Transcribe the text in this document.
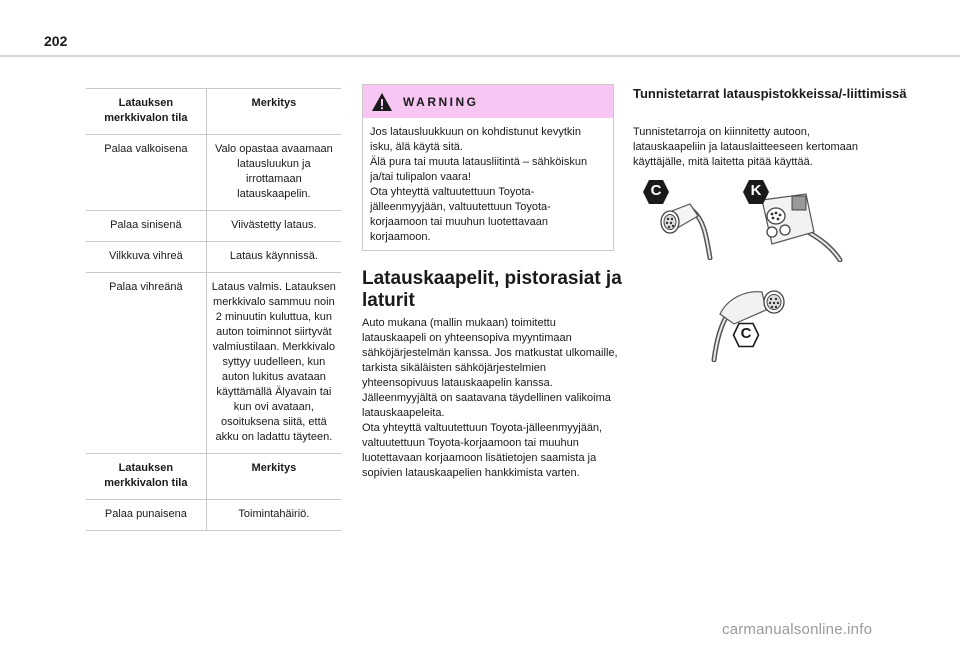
202
Latauksen merkkivalon tila	Merkitys
Palaa valkoisena	Valo opastaa avaamaan latausluukun ja irrottamaan latauskaapelin.
Palaa sinisenä	Viivästetty lataus.
Vilkkuva vihreä	Lataus käynnissä.
Palaa vihreänä	Lataus valmis. Latauksen merkkivalo sammuu noin 2 minuutin kuluttua, kun auton toiminnot siirtyvät valmiustilaan. Merkkivalo syttyy uudelleen, kun auton lukitus avataan käyttämällä Älyavain tai kun ovi avataan, osoituksena siitä, että akku on ladattu täyteen.
Latauksen merkkivalon tila	Merkitys
Palaa punaisena	Toimintahäiriö.
WARNING
Jos latausluukkuun on kohdistunut kevytkin isku, älä käytä sitä.
Älä pura tai muuta latausliitintä – sähköiskun ja/tai tulipalon vaara!
Ota yhteyttä valtuutettuun Toyota-jälleenmyyjään, valtuutettuun Toyota-korjaamoon tai muuhun luotettavaan korjaamoon.
Latauskaapelit, pistorasiat ja laturit
Auto mukana (mallin mukaan) toimitettu latauskaapeli on yhteensopiva myyntimaan sähköjärjestelmän kanssa. Jos matkustat ulkomaille, tarkista sikäläisten sähköjärjestelmien yhteensopivuus latauskaapelin kanssa.
Jälleenmyyjältä on saatavana täydellinen valikoima latauskaapeleita.
Ota yhteyttä valtuutettuun Toyota-jälleenmyyjään, valtuutettuun Toyota-korjaamoon tai muuhun luotettavaan korjaamoon lisätietojen saamista ja sopivien latauskaapelien hankkimista varten.
Tunnistetarrat latauspistokkeissa/-liittimissä
Tunnistetarroja on kiinnitetty autoon, latauskaapeliin ja latauslaitteeseen kertomaan käyttäjälle, mitä laitetta pitää käyttää.
C	K
C
carmanualsonline.info
